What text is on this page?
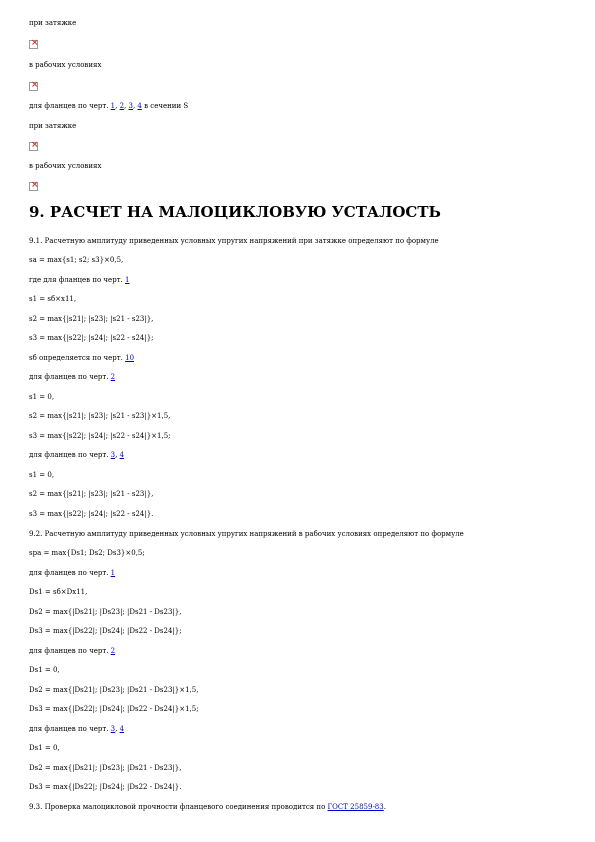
при затяжке

×

в рабочих условиях

×

для фланцев по черт. 1, 2, 3, 4 в сечении S

при затяжке

×

в рабочих условиях

×
9. РАСЧЕТ НА МАЛОЦИКЛОВУЮ УСТАЛОСТЬ

9.1. Расчетную амплитуду приведенных условных упругих напряжений при затяжке определяют по формуле

sa = max{s1; s2; s3}×0,5,

где для фланцев по черт. 1

s1 = sб×x11,

s2 = max{|s21|; |s23|; |s21 - s23|},

s3 = max{|s22|; |s24|; |s22 - s24|};

sб определяется по черт. 10

для фланцев по черт. 2

s1 = 0,

s2 = max{|s21|; |s23|; |s21 - s23|}×1,5,

s3 = max{|s22|; |s24|; |s22 - s24|}×1,5;

для фланцев по черт. 3, 4

s1 = 0,

s2 = max{|s21|; |s23|; |s21 - s23|},

s3 = max{|s22|; |s24|; |s22 - s24|}.

9.2. Расчетную амплитуду приведенных условных упругих напряжений в рабочих условиях определяют по формуле

spa = max{Ds1; Ds2; Ds3}×0,5;

для фланцев по черт. 1

Ds1 = sб×Dx11,

Ds2 = max{|Ds21|; |Ds23|; |Ds21 - Ds23|},

Ds3 = max{|Ds22|; |Ds24|; |Ds22 - Ds24|};

для фланцев по черт. 2

Ds1 = 0,

Ds2 = max{|Ds21|; |Ds23|; |Ds21 - Ds23|}×1,5,

Ds3 = max{|Ds22|; |Ds24|; |Ds22 - Ds24|}×1,5;

для фланцев по черт. 3, 4

Ds1 = 0,

Ds2 = max{|Ds21|; |Ds23|; |Ds21 - Ds23|},

Ds3 = max{|Ds22|; |Ds24|; |Ds22 - Ds24|}.

9.3. Проверка малоцикловой прочности фланцевого соединения проводится по ГОСТ 25859-83.
